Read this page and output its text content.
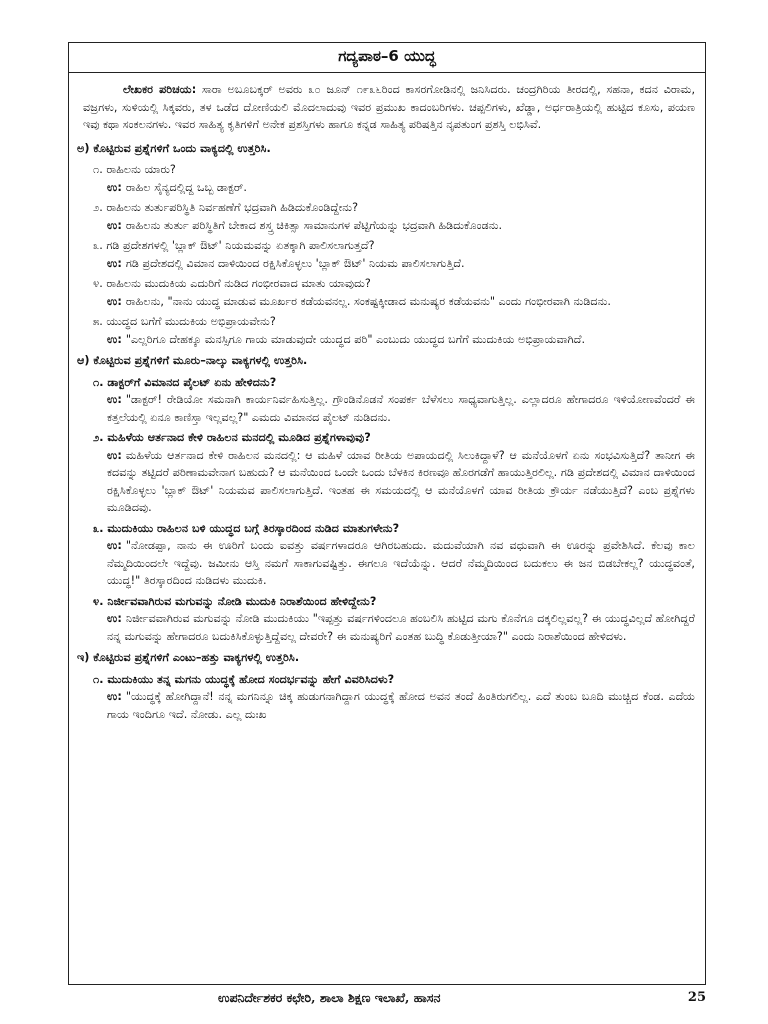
ಗದ್ಯಪಾಠ–6 ಯುದ್ಧ

ಲೇಖಕರ ಪರಿಚಯ: ಸಾರಾ ಅಬೂಬಕ್ಕರ್ ಅವರು ೩೦ ಜೂನ್ ೧೯೩೬ರಿಂದ ಕಾಸರಗೋಡಿನಲ್ಲಿ ಜನಿಸಿದರು. ಚಂದ್ರಗಿರಿಯ ತೀರದಲ್ಲಿ, ಸಹನಾ, ಕದನ ವಿರಾಮ, ವಜ್ರಗಳು, ಸುಳಿಯಲ್ಲಿ ಸಿಕ್ಕವರು, ತಳ ಒಡೆದ ದೋಣಿಯಲಿ ಮೊದಲಾದುವು ಇವರ ಪ್ರಮುಖ ಕಾದಂಬರಿಗಳು. ಚಪ್ಪಲಿಗಳು, ಖೆಡ್ಡಾ, ಅರ್ಧರಾತ್ರಿಯಲ್ಲಿ ಹುಟ್ಟಿದ ಕೂಸು, ಪಯಣ ಇವು ಕಥಾ ಸಂಕಲನಗಳು. ಇವರ ಸಾಹಿತ್ಯ ಕೃತಿಗಳಿಗೆ ಅನೇಕ ಪ್ರಶಸ್ತಿಗಳು ಹಾಗೂ ಕನ್ನಡ ಸಾಹಿತ್ಯ ಪರಿಷತ್ತಿನ ನೃಪತುಂಗ ಪ್ರಶಸ್ತಿ ಲಭಿಸಿವೆ.

ಅ) ಕೊಟ್ಟಿರುವ ಪ್ರಶ್ನೆಗಳಿಗೆ ಒಂದು ವಾಕ್ಯದಲ್ಲಿ ಉತ್ತರಿಸಿ.

೧. ರಾಹಿಲನು ಯಾರು?

ಉ: ರಾಹಿಲ ಸೈನ್ಯದಲ್ಲಿದ್ದ ಒಬ್ಬ ಡಾಕ್ಟರ್.

೨. ರಾಹಿಲನು ತುರ್ತುಪರಿಸ್ಥಿತಿ ನಿರ್ವಹಣೆಗೆ ಭದ್ರವಾಗಿ ಹಿಡಿದುಕೊಂಡಿದ್ದೇನು?

ಉ: ರಾಹಿಲನು ತುರ್ತು ಪರಿಸ್ಥಿತಿಗೆ ಬೇಕಾದ ಶಸ್ತ್ರ ಚಿಕಿತ್ಸಾ ಸಾಮಾನುಗಳ ಪೆಟ್ಟಿಗೆಯನ್ನು ಭದ್ರವಾಗಿ ಹಿಡಿದುಕೊಂಡನು.

೩. ಗಡಿ ಪ್ರದೇಶಗಳಲ್ಲಿ 'ಬ್ಲಾಕ್ ಔಟ್' ನಿಯಮವನ್ನು ಏತಕ್ಕಾಗಿ ಪಾಲಿಸಲಾಗುತ್ತದೆ?

ಉ: ಗಡಿ ಪ್ರದೇಶದಲ್ಲಿ ವಿಮಾನ ದಾಳಿಯಿಂದ ರಕ್ಷಿಸಿಕೊಳ್ಳಲು 'ಬ್ಲಾಕ್ ಔಟ್' ನಿಯಮ ಪಾಲಿಸಲಾಗುತ್ತಿದೆ.

೪. ರಾಹಿಲನು ಮುದುಕಿಯ ಎದುರಿಗೆ ನುಡಿದ ಗಂಭೀರವಾದ ಮಾತು ಯಾವುದು?

ಉ: ರಾಹಿಲನು, "ನಾನು ಯುದ್ಧ ಮಾಡುವ ಮೂರ್ಖರ ಕಡೆಯವನಲ್ಲ. ಸಂಕಷ್ಟಕ್ಕೀಡಾದ ಮನುಷ್ಯರ ಕಡೆಯವನು" ಎಂದು ಗಂಭೀರವಾಗಿ ನುಡಿದನು.

೫. ಯುದ್ಧದ ಬಗೆಗೆ ಮುದುಕಿಯ ಅಭಿಪ್ರಾಯವೇನು?

ಉ: "ಎಲ್ಲರಿಗೂ ದೇಹಕ್ಕೂ ಮನಸ್ಸಿಗೂ ಗಾಯ ಮಾಡುವುದೇ ಯುದ್ಧದ ಪರಿ" ಎಂಬುದು ಯುದ್ಧದ ಬಗೆಗೆ ಮುದುಕಿಯ ಅಭಿಪ್ರಾಯವಾಗಿದೆ.

ಆ) ಕೊಟ್ಟಿರುವ ಪ್ರಶ್ನೆಗಳಿಗೆ ಮೂರು–ನಾಲ್ಕು ವಾಕ್ಯಗಳಲ್ಲಿ ಉತ್ತರಿಸಿ.

೧. ಡಾಕ್ಟರ್‌ಗೆ ವಿಮಾನದ ಪೈಲಟ್ ಏನು ಹೇಳಿದನು?

ಉ: "ಡಾಕ್ಟರ್! ರೇಡಿಯೋ ಸಮನಾಗಿ ಕಾರ್ಯನಿರ್ವಹಿಸುತ್ತಿಲ್ಲ. ಗ್ರೌಂಡಿನೊಡನೆ ಸಂಪರ್ಕ ಬೆಳೆಸಲು ಸಾಧ್ಯವಾಗುತ್ತಿಲ್ಲ. ಎಲ್ಲಾದರೂ ಹೇಗಾದರೂ ಇಳಿಯೋಣವೆಂದರೆ ಈ ಕತ್ತಲೆಯಲ್ಲಿ ಏನೂ ಕಾಣಿಸ್ತಾ ಇಲ್ಲವಲ್ಲ?" ಎಮದು ವಿಮಾನದ ಪೈಲಟ್ ನುಡಿದನು.

೨. ಮಹಿಳೆಯ ಆರ್ತನಾದ ಕೇಳಿ ರಾಹಿಲನ ಮನದಲ್ಲಿ ಮೂಡಿದ ಪ್ರಶ್ನೆಗಳಾವುವು?

ಉ: ಮಹಿಳೆಯ ಆರ್ತನಾದ ಕೇಳಿ ರಾಹಿಲನ ಮನದಲ್ಲಿ: ಆ ಮಹಿಳೆ ಯಾವ ರೀತಿಯ ಅಪಾಯದಲ್ಲಿ ಸಿಲುಕಿದ್ದಾಳೆ? ಆ ಮನೆಯೊಳಗೆ ಏನು ಸಂಭವಿಸುತ್ತಿದೆ? ತಾನೀಗ ಈ ಕದವನ್ನು ತಟ್ಟಿದರೆ ಪರಿಣಾಮವೇನಾಗ ಬಹುದು? ಆ ಮನೆಯಿಂದ ಒಂದೇ ಒಂದು ಬೆಳಕಿನ ಕಿರಣವೂ ಹೊರಗಡೆಗೆ ಹಾಯುತ್ತಿರಲಿಲ್ಲ. ಗಡಿ ಪ್ರದೇಶದಲ್ಲಿ ವಿಮಾನ ದಾಳಿಯಿಂದ ರಕ್ಷಿಸಿಕೊಳ್ಳಲು 'ಬ್ಲಾಕ್ ಔಟ್' ನಿಯಮವ ಪಾಲಿಸಲಾಗುತ್ತಿದೆ. ಇಂತಹ ಈ ಸಮಯದಲ್ಲಿ ಆ ಮನೆಯೊಳಗೆ ಯಾವ ರೀತಿಯ ಕ್ರೌರ್ಯ ನಡೆಯುತ್ತಿದೆ? ಎಂಬ ಪ್ರಶ್ನೆಗಳು ಮೂಡಿದವು.

೩. ಮುದುಕಿಯು ರಾಹಿಲನ ಬಳಿ ಯುದ್ಧದ ಬಗ್ಗೆ ತಿರಸ್ಕಾರದಿಂದ ನುಡಿದ ಮಾತುಗಳೇನು?

ಉ: "ನೋಡಪ್ಪಾ, ನಾನು ಈ ಊರಿಗೆ ಬಂದು ಐವತ್ತು ವರ್ಷಗಳಾದರೂ ಆಗಿರಬಹುದು. ಮದುವೆಯಾಗಿ ನವ ವಧುವಾಗಿ ಈ ಊರನ್ನು ಪ್ರವೇಶಿಸಿದೆ. ಕೆಲವು ಕಾಲ ನೆಮ್ಮದಿಯಿಂದಲೇ ಇದ್ದೆವು. ಜಮೀನು ಆಸ್ತಿ ನಮಗೆ ಸಾಕಾಗುವಷ್ಟಿತ್ತು. ಈಗಲೂ ಇದೆಯೆನ್ನು. ಆದರೆ ನೆಮ್ಮದಿಯಿಂದ ಬದುಕಲು ಈ ಜನ ಬಿಡಬೇಕಲ್ಲ? ಯುದ್ಧವಂತೆ, ಯುದ್ಧ!" ತಿರಸ್ಕಾರದಿಂದ ನುಡಿದಳು ಮುದುಕಿ.

೪. ನಿರ್ಜೀವವಾಗಿರುವ ಮಗುವನ್ನು ನೋಡಿ ಮುದುಕಿ ನಿರಾಶೆಯಿಂದ ಹೇಳಿದ್ದೇನು?

ಉ: ನಿರ್ಜೀವವಾಗಿರುವ ಮಗುವನ್ನು ನೋಡಿ ಮುದುಕಿಯು "ಇಪ್ಪತ್ತು ವರ್ಷಗಳಿಂದಲೂ ಹಂಬಲಿಸಿ ಹುಟ್ಟಿದ ಮಗು ಕೊನೆಗೂ ದಕ್ಕಲಿಲ್ಲವಲ್ಲ? ಈ ಯುದ್ಧವಿಲ್ಲದೆ ಹೋಗಿದ್ದರೆ ನನ್ನ ಮಗುವನ್ನು ಹೇಗಾದರೂ ಬದುಕಿಸಿಕೊಳ್ಳುತ್ತಿದ್ದೆವಲ್ಲ ದೇವರೇ? ಈ ಮನುಷ್ಯರಿಗೆ ಎಂತಹ ಬುದ್ಧಿ ಕೊಡುತ್ತೀಯಾ?" ಎಂದು ನಿರಾಶೆಯಿಂದ ಹೇಳಿದಳು.

ಇ) ಕೊಟ್ಟಿರುವ ಪ್ರಶ್ನೆಗಳಿಗೆ ಎಂಟು–ಹತ್ತು ವಾಕ್ಯಗಳಲ್ಲಿ ಉತ್ತರಿಸಿ.

೧. ಮುದುಕಿಯು ತನ್ನ ಮಗನು ಯುದ್ಧಕ್ಕೆ ಹೋದ ಸಂದರ್ಭವನ್ನು ಹೇಗೆ ವಿವರಿಸಿದಳು?

ಉ: "ಯುದ್ಧಕ್ಕೆ ಹೋಗಿದ್ದಾನೆ! ನನ್ನ ಮಗನಿನ್ನೂ ಚಿಕ್ಕ ಹುಡುಗನಾಗಿದ್ದಾಗ ಯುದ್ಧಕ್ಕೆ ಹೋದ ಅವನ ತಂದೆ ಹಿಂತಿರುಗಲಿಲ್ಲ. ಎದೆ ತುಂಬ ಬೂದಿ ಮುಚ್ಚಿದ ಕೆಂಡ. ಎದೆಯ ಗಾಯ ಇಂದಿಗೂ ಇದೆ. ನೋಡು. ಎಲ್ಲ ದುಃಖ

ಉಪನಿರ್ದೇಶಕರ ಕಛೇರಿ, ಶಾಲಾ ಶಿಕ್ಷಣ ಇಲಾಖೆ, ಹಾಸನ	25
